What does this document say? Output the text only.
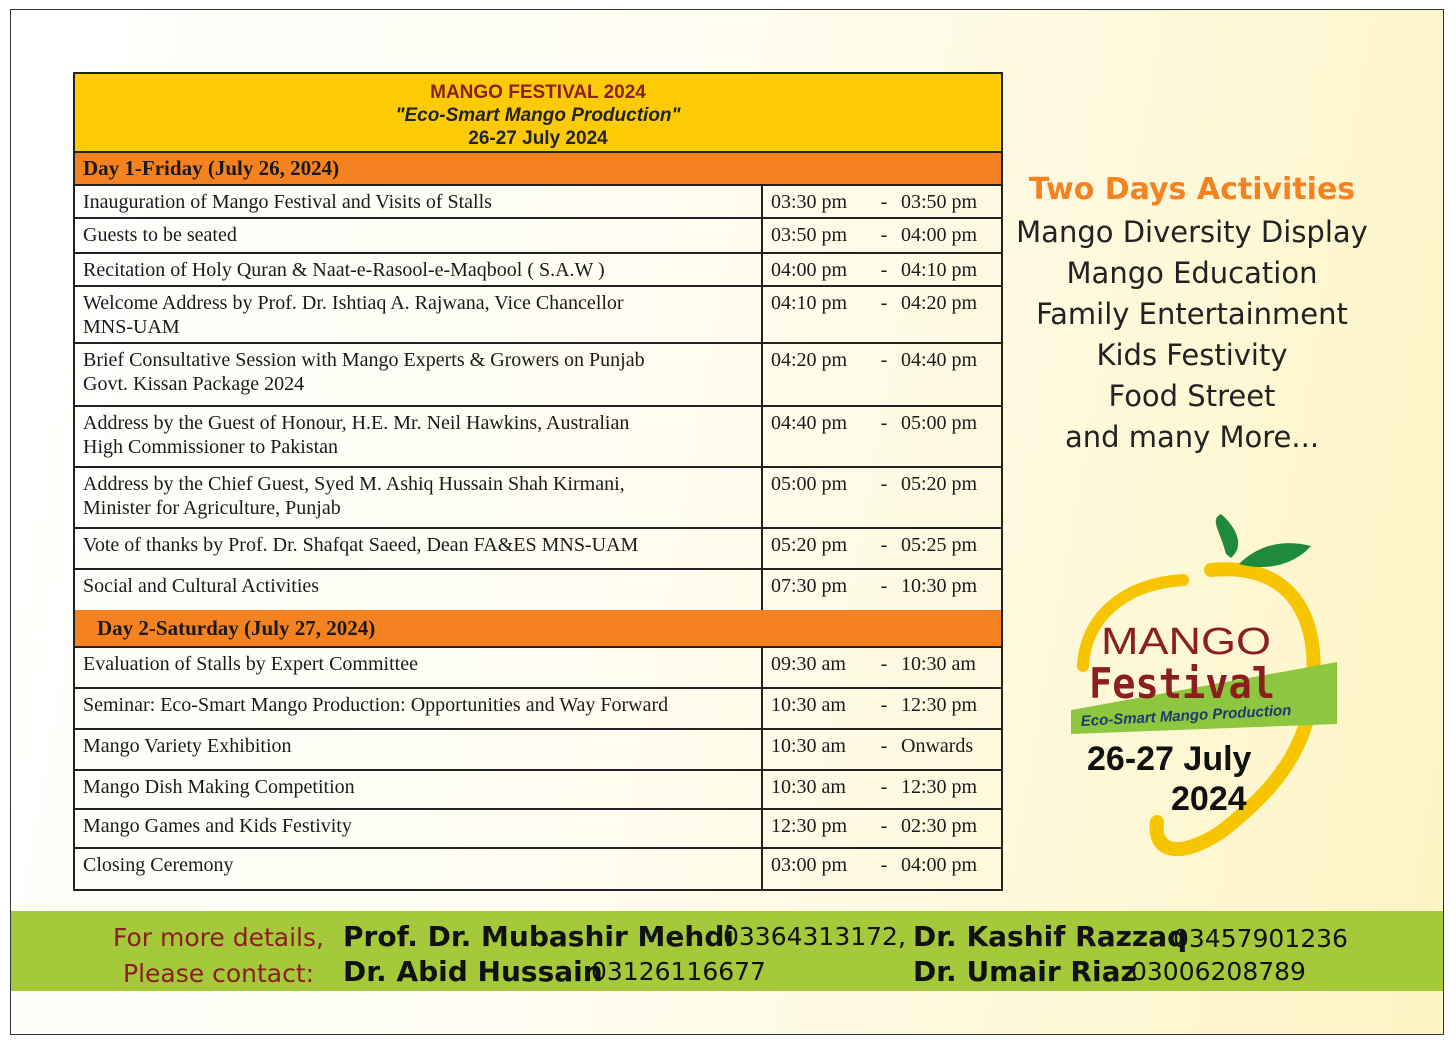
MANGO FESTIVAL 2024
"Eco-Smart Mango Production"
26-27 July 2024
Day 1-Friday (July 26, 2024)
Inauguration of Mango Festival and Visits of Stalls	03:30 pm	- 03:50 pm
Guests to be seated	03:50 pm	- 04:00 pm
Recitation of Holy Quran & Naat-e-Rasool-e-Maqbool ( S.A.W )	04:00 pm	- 04:10 pm
Welcome Address by Prof. Dr. Ishtiaq A. Rajwana, Vice Chancellor
MNS-UAM
04:10 pm	- 04:20 pm
Brief Consultative Session with Mango Experts & Growers on Punjab
Govt. Kissan Package 2024
04:20 pm	- 04:40 pm
Address by the Guest of Honour, H.E. Mr. Neil Hawkins, Australian
High Commissioner to Pakistan
04:40 pm	- 05:00 pm
Address by the Chief Guest, Syed M. Ashiq Hussain Shah Kirmani,
Minister for Agriculture, Punjab
05:00 pm	- 05:20 pm
Vote of thanks by Prof. Dr. Shafqat Saeed, Dean FA&ES MNS-UAM	05:20 pm	- 05:25 pm
Social and Cultural Activities	07:30 pm	- 10:30 pm
Day 2-Saturday (July 27, 2024)
Evaluation of Stalls by Expert Committee	09:30 am	- 10:30 am
Seminar: Eco-Smart Mango Production: Opportunities and Way Forward	10:30 am	- 12:30 pm
Mango Variety Exhibition	10:30 am	- Onwards
Mango Dish Making Competition	10:30 am	- 12:30 pm
Mango Games and Kids Festivity	12:30 pm	- 02:30 pm
Closing Ceremony	03:00 pm	- 04:00 pm
Two Days Activities
Mango Diversity Display
Mango Education
Family Entertainment
Kids Festivity
Food Street
and many More...
MANGO
Festival
Eco-Smart Mango Production
26-27 July
2024
For more details,
Please contact:
Prof. Dr. Mubashir Mehdi
03364313172, Dr. Kashif Razzaq
03457901236
Dr. Abid Hussain
03126116677	Dr. Umair Riaz
03006208789
